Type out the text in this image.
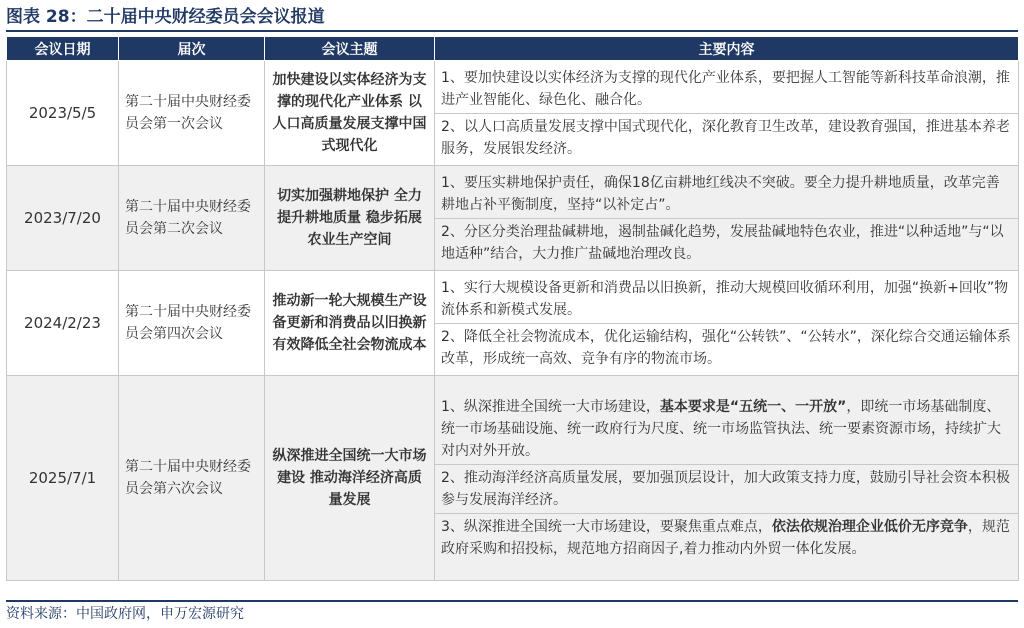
图表 28：二十届中央财经委员会会议报道
会议日期	届次	会议主题	主要内容
2023/5/5	第二十届中央财经委员会第一次会议	加快建设以实体经济为支撑的现代化产业体系 以人口高质量发展支撑中国式现代化	1、要加快建设以实体经济为支撑的现代化产业体系，要把握人工智能等新科技革命浪潮，推进产业智能化、绿色化、融合化。
2、以人口高质量发展支撑中国式现代化，深化教育卫生改革，建设教育强国，推进基本养老服务，发展银发经济。

2023/7/20	第二十届中央财经委员会第二次会议	切实加强耕地保护 全力提升耕地质量 稳步拓展农业生产空间	1、要压实耕地保护责任，确保18亿亩耕地红线决不突破。要全力提升耕地质量，改革完善耕地占补平衡制度，坚持“以补定占”。
2、分区分类治理盐碱耕地，遏制盐碱化趋势，发展盐碱地特色农业，推进“以种适地”与“以地适种”结合，大力推广盐碱地治理改良。

2024/2/23	第二十届中央财经委员会第四次会议	推动新一轮大规模生产设备更新和消费品以旧换新 有效降低全社会物流成本	1、实行大规模设备更新和消费品以旧换新，推动大规模回收循环利用，加强“换新+回收”物流体系和新模式发展。
2、降低全社会物流成本，优化运输结构，强化“公转铁”、“公转水”，深化综合交通运输体系改革，形成统一高效、竞争有序的物流市场。

2025/7/1	第二十届中央财经委员会第六次会议	纵深推进全国统一大市场建设 推动海洋经济高质量发展	1、纵深推进全国统一大市场建设，基本要求是“五统一、一开放”，即统一市场基础制度、统一市场基础设施、统一政府行为尺度、统一市场监管执法、统一要素资源市场，持续扩大对内对外开放。
2、推动海洋经济高质量发展，要加强顶层设计，加大政策支持力度，鼓励引导社会资本积极参与发展海洋经济。
3、纵深推进全国统一大市场建设，要聚焦重点难点，依法依规治理企业低价无序竞争，规范政府采购和招投标，规范地方招商因子,着力推动内外贸一体化发展。
资料来源：中国政府网，申万宏源研究
